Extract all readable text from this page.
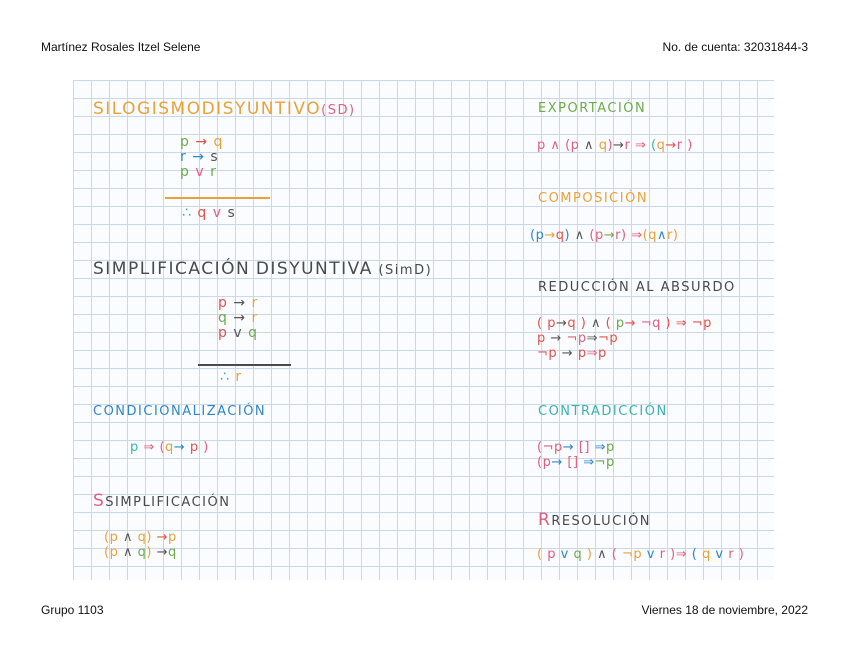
Martínez Rosales Itzel Selene	No. de cuenta: 32031844-3
SILOGISMODISYUNTIVO(SD)
p → q
r → s
p v r
∴ q v s
SIMPLIFICACIÓN DISYUNTIVA (SimD)
p → r
q → r
p v q
∴ r
CONDICIONALIZACIÓN
p ⇒ (q→ p )
SSIMPLIFICACIÓN
(p ∧ q) →p
(p ∧ q) →q
EXPORTACIÓN
p ∧ (p ∧ q)→r ⇒ (q→r )
COMPOSICIÓN
(p→q) ∧ (p→r) ⇒(q∧r)
REDUCCIÓN AL ABSURDO
( p→q ) ∧ ( p→ ¬q ) ⇒ ¬p
p → ¬p⇒¬p
¬p → p⇒p
CONTRADICCIÓN
(¬p→ [] ⇒p
(p→ [] ⇒¬p
RRESOLUCIÓN
( p v q ) ∧ ( ¬p v r )⇒ ( q v r )
Grupo 1103	Viernes 18 de noviembre, 2022
